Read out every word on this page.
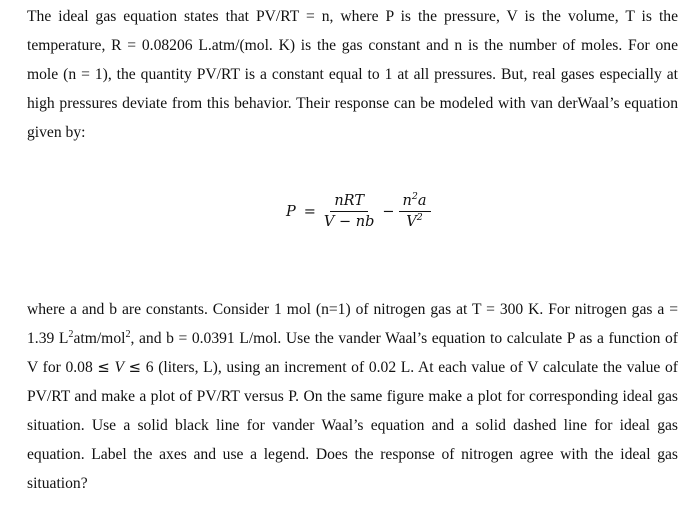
The ideal gas equation states that PV/RT = n, where P is the pressure, V is the volume, T is the temperature, R = 0.08206 L.atm/(mol. K) is the gas constant and n is the number of moles. For one mole (n = 1), the quantity PV/RT is a constant equal to 1 at all pressures. But, real gases especially at high pressures deviate from this behavior. Their response can be modeled with van derWaal’s equation given by:

$P = \frac{\text{nRT}}{V - nb} - \frac{n^2a}{V^2}$

where a and b are constants. Consider 1 mol (n=1) of nitrogen gas at T = 300 K. For nitrogen gas a = 1.39 $L^2atm/mol^2$, and b = 0.0391 L/mol. Use the vander Waal’s equation to calculate P as a function of V for 0.08 ≤ V ≤ 6 (liters, L), using an increment of 0.02 L. At each value of V calculate the value of PV/RT and make a plot of PV/RT versus P. On the same figure make a plot for corresponding ideal gas situation. Use a solid black line for vander Waal’s equation and a solid dashed line for ideal gas equation. Label the axes and use a legend. Does the response of nitrogen agree with the ideal gas situation?
